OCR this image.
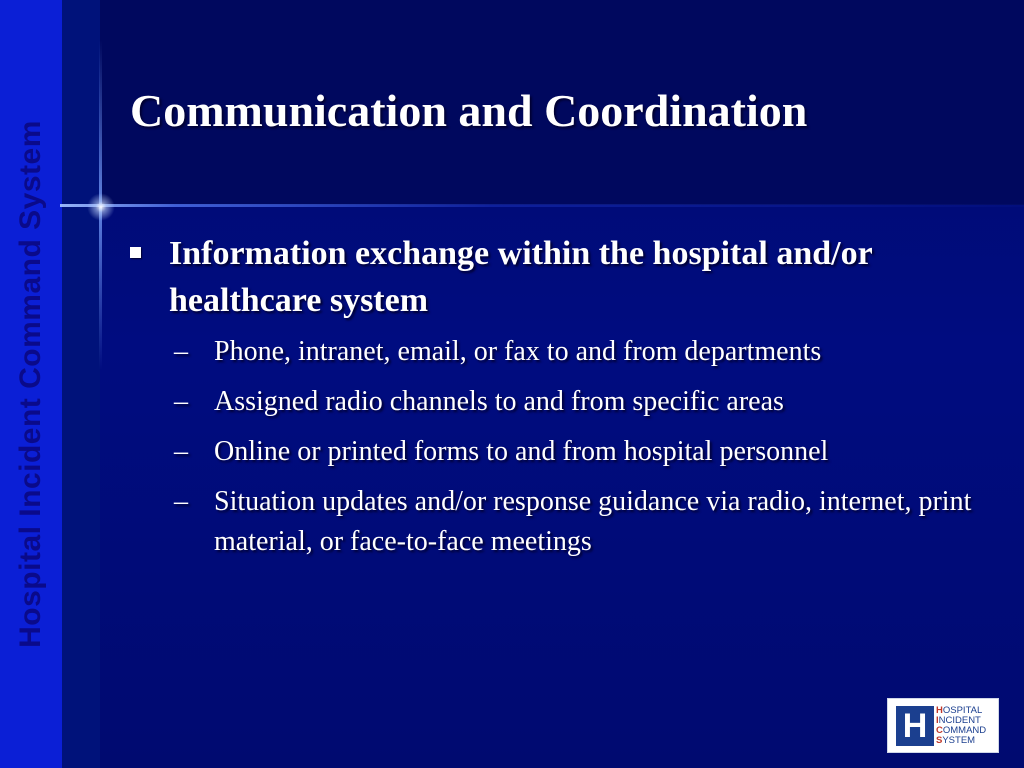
Hospital Incident Command System
Communication and Coordination
Information exchange within the hospital and/or healthcare system
– Phone, intranet, email, or fax to and from departments
– Assigned radio channels to and from specific areas
– Online or printed forms to and from hospital personnel
– Situation updates and/or response guidance via radio, internet, print material, or face-to-face meetings
H HOSPITAL
INCIDENT
COMMAND
SYSTEM
